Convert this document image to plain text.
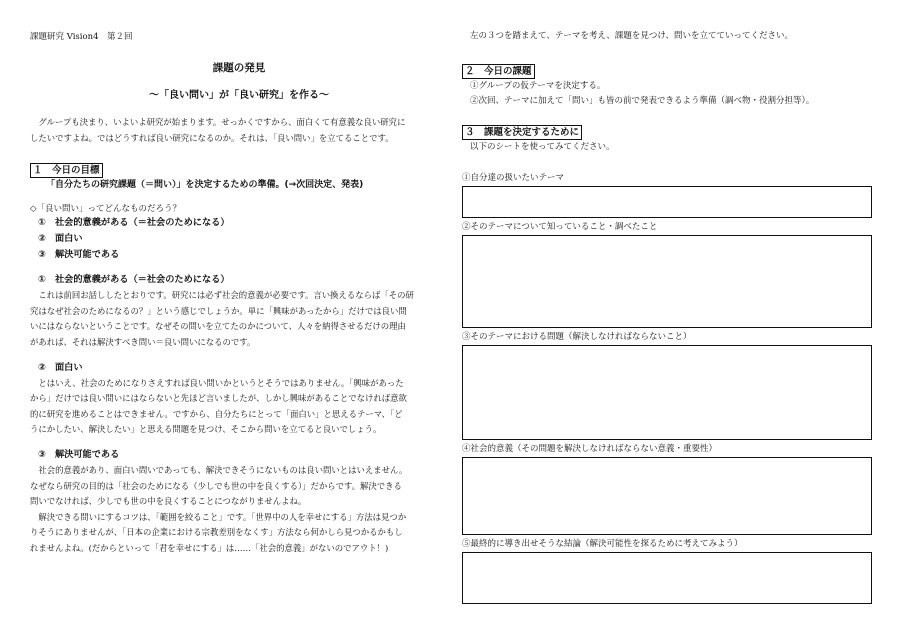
課題研究 Vision4　第２回
課題の発見
～「良い問い」が「良い研究」を作る～
　グループも決まり、いよいよ研究が始まります。せっかくですから、面白くて有意義な良い研究に
したいですよね。ではどうすれば良い研究になるのか。それは、「良い問い」を立てることです。
１　今日の目標
「自分たちの研究課題（＝問い）」を決定するための準備。(→次回決定、発表)
◇「良い問い」ってどんなものだろう？
①　社会的意義がある（＝社会のためになる）
②　面白い
③　解決可能である
①　社会的意義がある（＝社会のためになる）
　これは前回お話ししたとおりです。研究には必ず社会的意義が必要です。言い換えるならば「その研
究はなぜ社会のためになるの？」という感じでしょうか。単に「興味があったから」だけでは良い問
いにはならないということです。なぜその問いを立てたのかについて、人々を納得させるだけの理由
があれば、それは解決すべき問い＝良い問いになるのです。
②　面白い
　とはいえ、社会のためになりさえすれば良い問いかというとそうではありません。「興味があった
から」だけでは良い問いにはならないと先ほど言いましたが、しかし興味があることでなければ意欲
的に研究を進めることはできません。ですから、自分たちにとって「面白い」と思えるテーマ、「ど
うにかしたい、解決したい」と思える問題を見つけ、そこから問いを立てると良いでしょう。
③　解決可能である
　社会的意義があり、面白い問いであっても、解決できそうにないものは良い問いとはいえません。
なぜなら研究の目的は「社会のためになる（少しでも世の中を良くする）」だからです。解決できる
問いでなければ、少しでも世の中を良くすることにつながりませんよね。
　解決できる問いにするコツは、「範囲を絞ること」です。「世界中の人を幸せにする」方法は見つか
りそうにありませんが、「日本の企業における宗教差別をなくす」方法なら何かしら見つかるかもし
れませんよね。(だからといって「君を幸せにする」は……「社会的意義」がないのでアウト！)
左の３つを踏まえて、テーマを考え、課題を見つけ、問いを立てていってください。
２　今日の課題
①グループの仮テーマを決定する。
②次回、テーマに加えて「問い」も皆の前で発表できるよう準備（調べ物・役割分担等）。
３　課題を決定するために
以下のシートを使ってみてください。
①自分達の扱いたいテーマ
②そのテーマについて知っていること・調べたこと
③そのテーマにおける問題（解決しなければならないこと）
④社会的意義（その問題を解決しなければならない意義・重要性）
⑤最終的に導き出せそうな結論（解決可能性を探るために考えてみよう）
